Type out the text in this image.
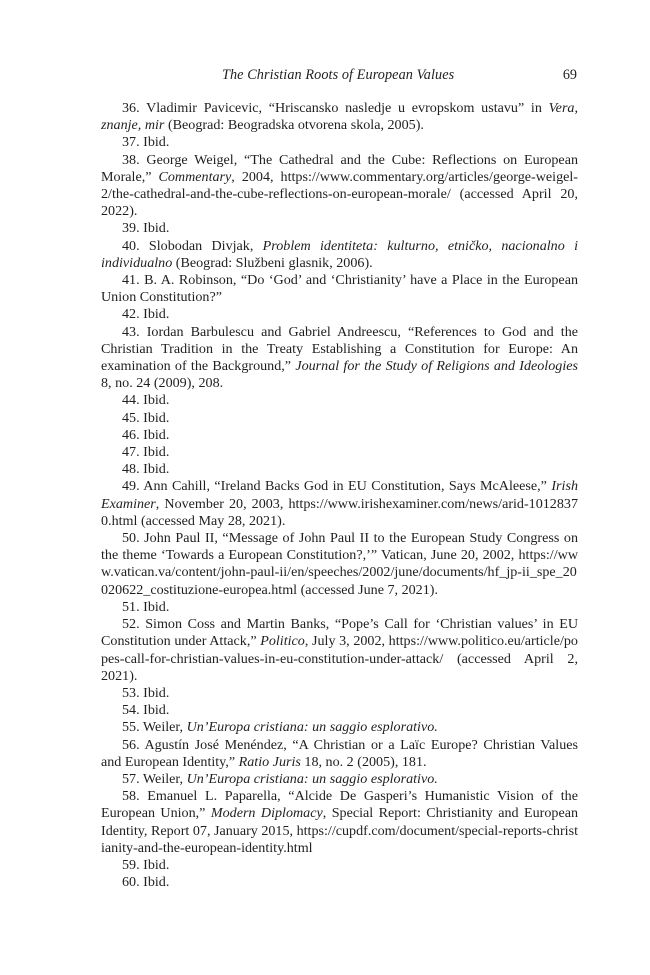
The Christian Roots of European Values	69

36. Vladimir Pavicevic, “Hriscansko nasledje u evropskom ustavu” in Vera, znanje, mir (Beograd: Beogradska otvorena skola, 2005).

37. Ibid.

38. George Weigel, “The Cathedral and the Cube: Reflections on European Morale,” Commentary, 2004, https://www.commentary.org/articles/george-weigel-2/the-cathedral-and-the-cube-reflections-on-european-morale/ (accessed April 20, 2022).

39. Ibid.

40. Slobodan Divjak, Problem identiteta: kulturno, etničko, nacionalno i individualno (Beograd: Službeni glasnik, 2006).

41. B. A. Robinson, “Do ‘God’ and ‘Christianity’ have a Place in the European Union Constitution?”

42. Ibid.

43. Iordan Barbulescu and Gabriel Andreescu, “References to God and the Christian Tradition in the Treaty Establishing a Constitution for Europe: An examination of the Background,” Journal for the Study of Religions and Ideologies 8, no. 24 (2009), 208.

44. Ibid.

45. Ibid.

46. Ibid.

47. Ibid.

48. Ibid.

49. Ann Cahill, “Ireland Backs God in EU Constitution, Says McAleese,” Irish Examiner, November 20, 2003, https://www.irishexaminer.com/news/arid-10128370.html (accessed May 28, 2021).

50. John Paul II, “Message of John Paul II to the European Study Congress on the theme ‘Towards a European Constitution?,’” Vatican, June 20, 2002, https://www.vatican.va/content/john-paul-ii/en/speeches/2002/june/documents/hf_jp-ii_spe_20020622_costituzione-europea.html (accessed June 7, 2021).

51. Ibid.

52. Simon Coss and Martin Banks, “Pope’s Call for ‘Christian values’ in EU Constitution under Attack,” Politico, July 3, 2002, https://www.politico.eu/article/popes-call-for-christian-values-in-eu-constitution-under-attack/ (accessed April 2, 2021).

53. Ibid.

54. Ibid.

55. Weiler, Un’Europa cristiana: un saggio esplorativo.

56. Agustín José Menéndez, “A Christian or a Laïc Europe? Christian Values and European Identity,” Ratio Juris 18, no. 2 (2005), 181.

57. Weiler, Un’Europa cristiana: un saggio esplorativo.

58. Emanuel L. Paparella, “Alcide De Gasperi’s Humanistic Vision of the European Union,” Modern Diplomacy, Special Report: Christianity and European Identity, Report 07, January 2015, https://cupdf.com/document/special-reports-christianity-and-the-european-identity.html

59. Ibid.

60. Ibid.
